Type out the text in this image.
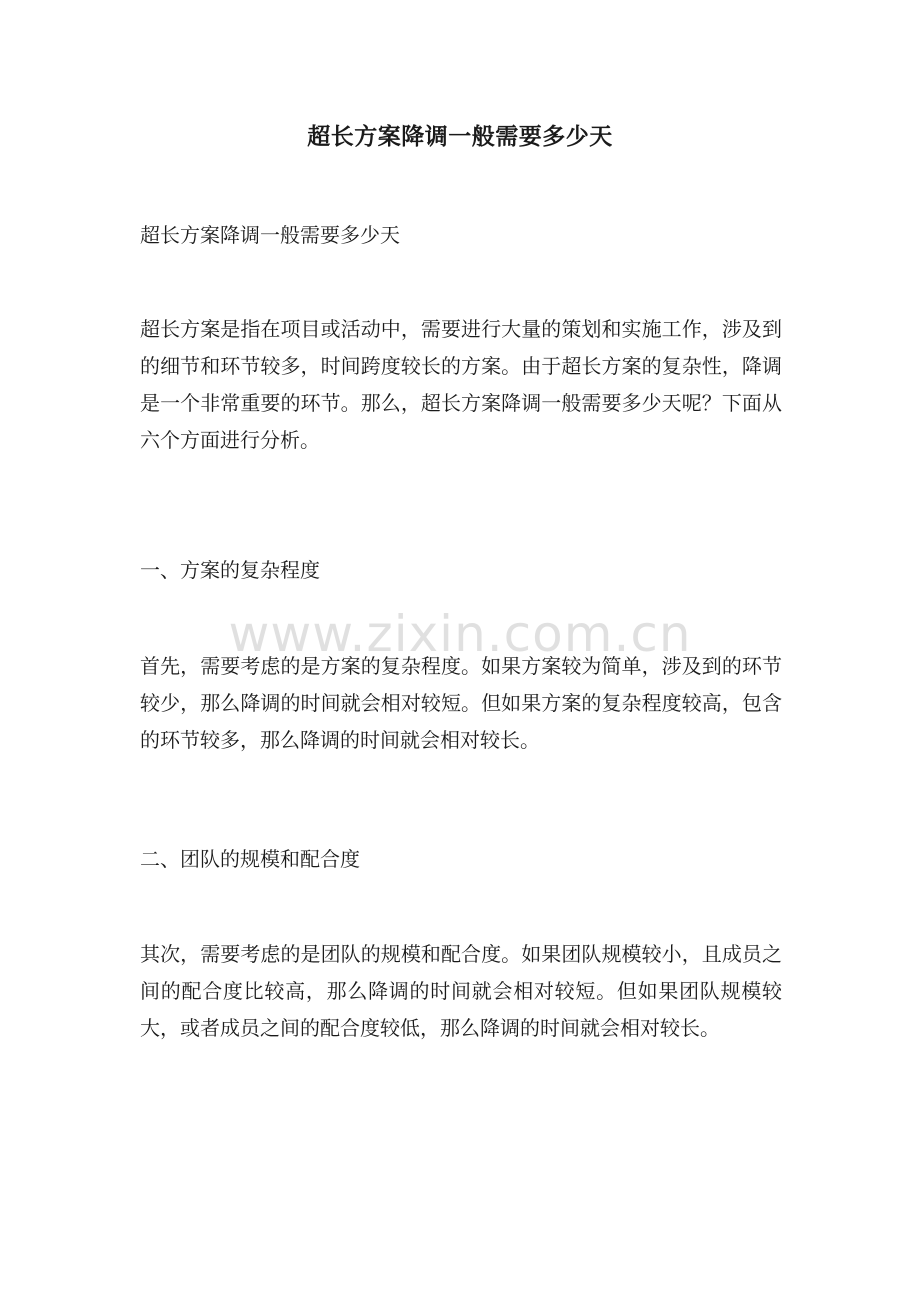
超长方案降调一般需要多少天

超长方案降调一般需要多少天

超长方案是指在项目或活动中，需要进行大量的策划和实施工作，涉及到的细节和环节较多，时间跨度较长的方案。由于超长方案的复杂性，降调是一个非常重要的环节。那么，超长方案降调一般需要多少天呢？下面从六个方面进行分析。

一、方案的复杂程度

首先，需要考虑的是方案的复杂程度。如果方案较为简单，涉及到的环节较少，那么降调的时间就会相对较短。但如果方案的复杂程度较高，包含的环节较多，那么降调的时间就会相对较长。

二、团队的规模和配合度

其次，需要考虑的是团队的规模和配合度。如果团队规模较小，且成员之间的配合度比较高，那么降调的时间就会相对较短。但如果团队规模较大，或者成员之间的配合度较低，那么降调的时间就会相对较长。

www.zixin.com.cn
